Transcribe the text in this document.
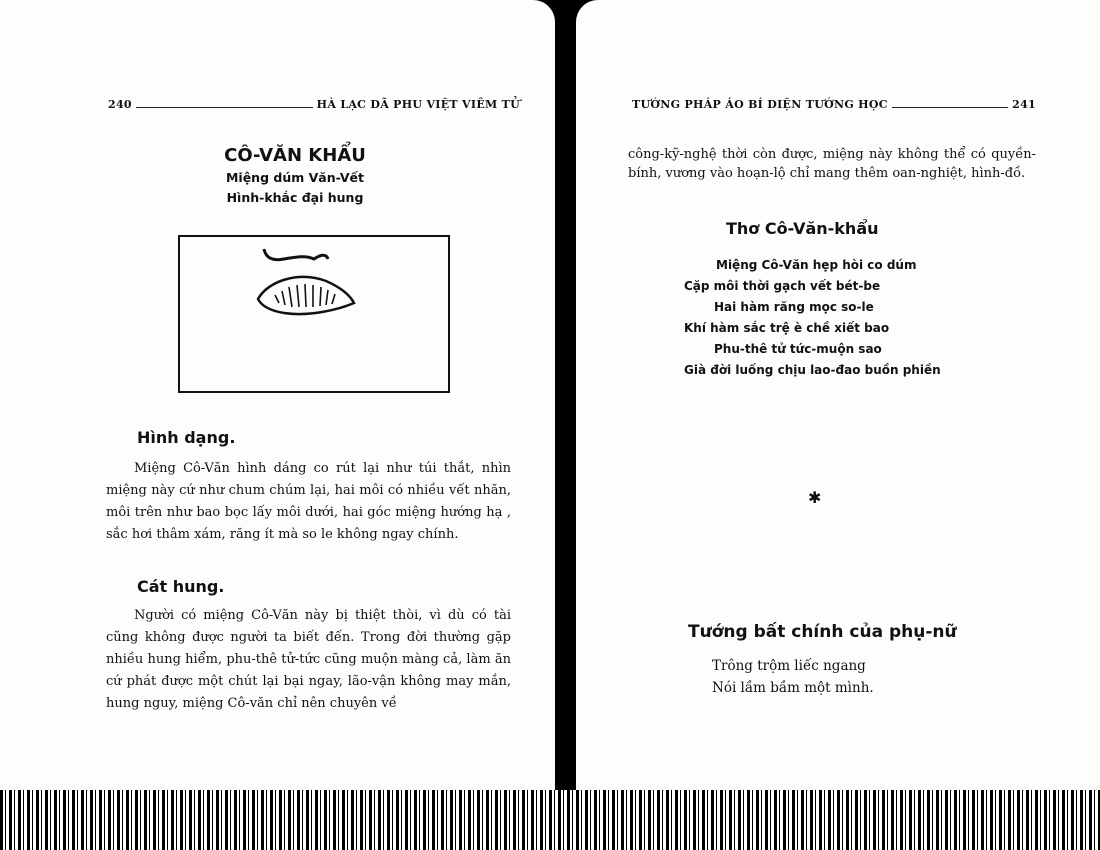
240	HÀ LẠC DÃ PHU VIỆT VIÊM TỬ
CÔ-VĂN KHẨU
Miệng dúm Văn-Vết
Hình-khắc đại hung
Hình dạng.
Miệng Cô-Văn hình dáng co rút lại như túi thắt, nhìn miệng này cứ như chum chúm lại, hai môi có nhiều vết nhăn, môi trên như bao bọc lấy môi dưới, hai góc miệng hướng hạ , sắc hơi thâm xám, răng ít mà so le không ngay chính.
Cát hung.
Người có miệng Cô-Văn này bị thiệt thòi, vì dù có tài cũng không được người ta biết đến. Trong đời thường gặp nhiều hung hiểm, phu-thê tử-tức cũng muộn màng cả, làm ăn cứ phát được một chút lại bại ngay, lão-vận không may mắn, hung nguy, miệng Cô-văn chỉ nên chuyên về
TƯỚNG PHÁP ÁO BÍ DIỆN TƯỚNG HỌC	241
công-kỹ-nghệ thời còn được, miệng này không thể có quyền-bính, vương vào hoạn-lộ chỉ mang thêm oan-nghiệt, hình-đồ.
Thơ Cô-Văn-khẩu
Miệng Cô-Văn hẹp hòi co dúm
Cặp môi thời gạch vết bét-be
Hai hàm răng mọc so-le
Khí hàm sắc trệ è chề xiết bao
Phu-thê tử tức-muộn sao
Già đời luống chịu lao-đao buồn phiền
✱
Tướng bất chính của phụ-nữ
Trông trộm liếc ngang
Nói lầm bầm một mình.
